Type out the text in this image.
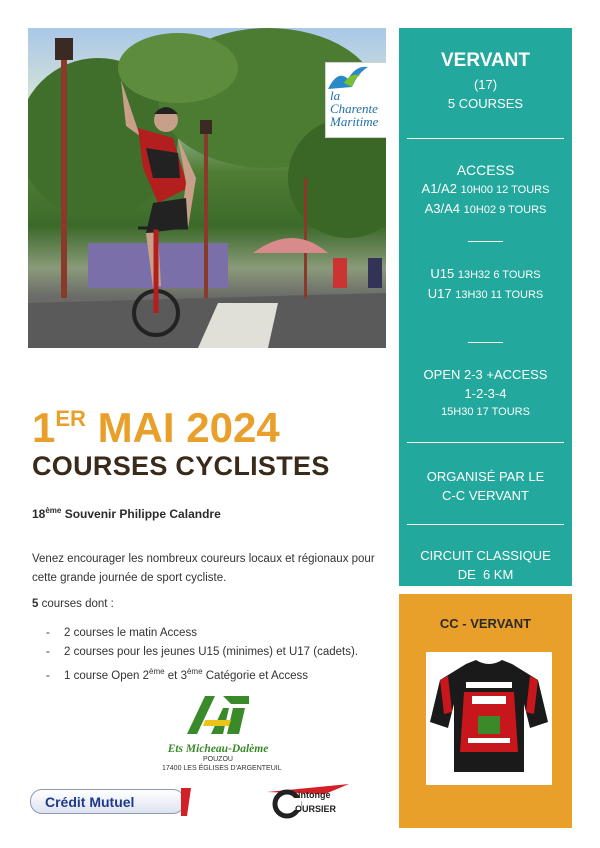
la
Charente
Maritime
VERVANT
(17)
5 COURSES
ACCESS
A1/A2 10H00 12 TOURS
A3/A4 10H02 9 TOURS
U15 13H32 6 TOURS
U17 13H30 11 TOURS
OPEN 2-3 +ACCESS
1-2-3-4
15H30 17 TOURS
ORGANISÉ PAR LE
C-C VERVANT
CIRCUIT CLASSIQUE
DE  6 KM
CC - VERVANT
1ER MAI 2024
COURSES CYCLISTES
18ème Souvenir Philippe Calandre
Venez encourager les nombreux coureurs locaux et régionaux pour cette grande journée de sport cycliste.
5 courses dont :
- 2 courses le matin Access
- 2 courses pour les jeunes U15 (minimes) et U17 (cadets).
- 1 course Open 2ème et 3ème Catégorie et Access
Ets Micheau-Dalème
POUZOU
17400 LES ÉGLISES D'ARGENTEUIL
Crédit Mutuel	aintonge
OURSIER
